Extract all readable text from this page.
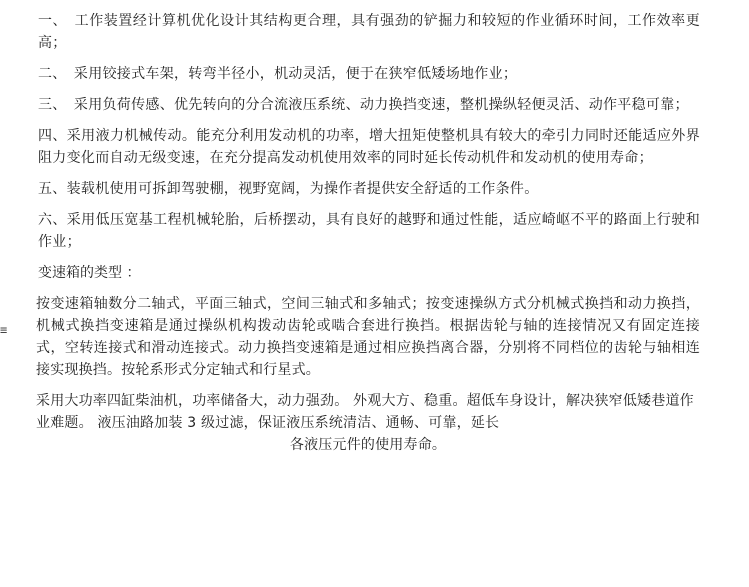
≡

一、　工作装置经计算机优化设计其结构更合理，具有强劲的铲掘力和较短的作业循环时间，工作效率更高；

二、　采用铰接式车架，转弯半径小，机动灵活，便于在狭窄低矮场地作业；

三、　采用负荷传感、优先转向的分合流液压系统、动力换挡变速，整机操纵轻便灵活、动作平稳可靠；

四、采用液力机械传动。能充分利用发动机的功率，增大扭矩使整机具有较大的牵引力同时还能适应外界阻力变化而自动无级变速，在充分提高发动机使用效率的同时延长传动机件和发动机的使用寿命；

五、装载机使用可拆卸驾驶棚，视野宽阔，为操作者提供安全舒适的工作条件。

六、采用低压宽基工程机械轮胎，后桥摆动，具有良好的越野和通过性能，适应崎岖不平的路面上行驶和作业；

变速箱的类型 ：

按变速箱轴数分二轴式，平面三轴式，空间三轴式和多轴式；按变速操纵方式分机械式换挡和动力换挡，机械式换挡变速箱是通过操纵机构拨动齿轮或啮合套进行换挡。根据齿轮与轴的连接情况又有固定连接式，空转连接式和滑动连接式。动力换挡变速箱是通过相应换挡离合器，分别将不同档位的齿轮与轴相连接实现换挡。按轮系形式分定轴式和行星式。

采用大功率四缸柴油机，功率储备大，动力强劲。 外观大方、稳重。超低车身设计，解决狭窄低矮巷道作业难题。 液压油路加装 3 级过滤，保证液压系统清洁、通畅、可靠，延长
各液压元件的使用寿命。
